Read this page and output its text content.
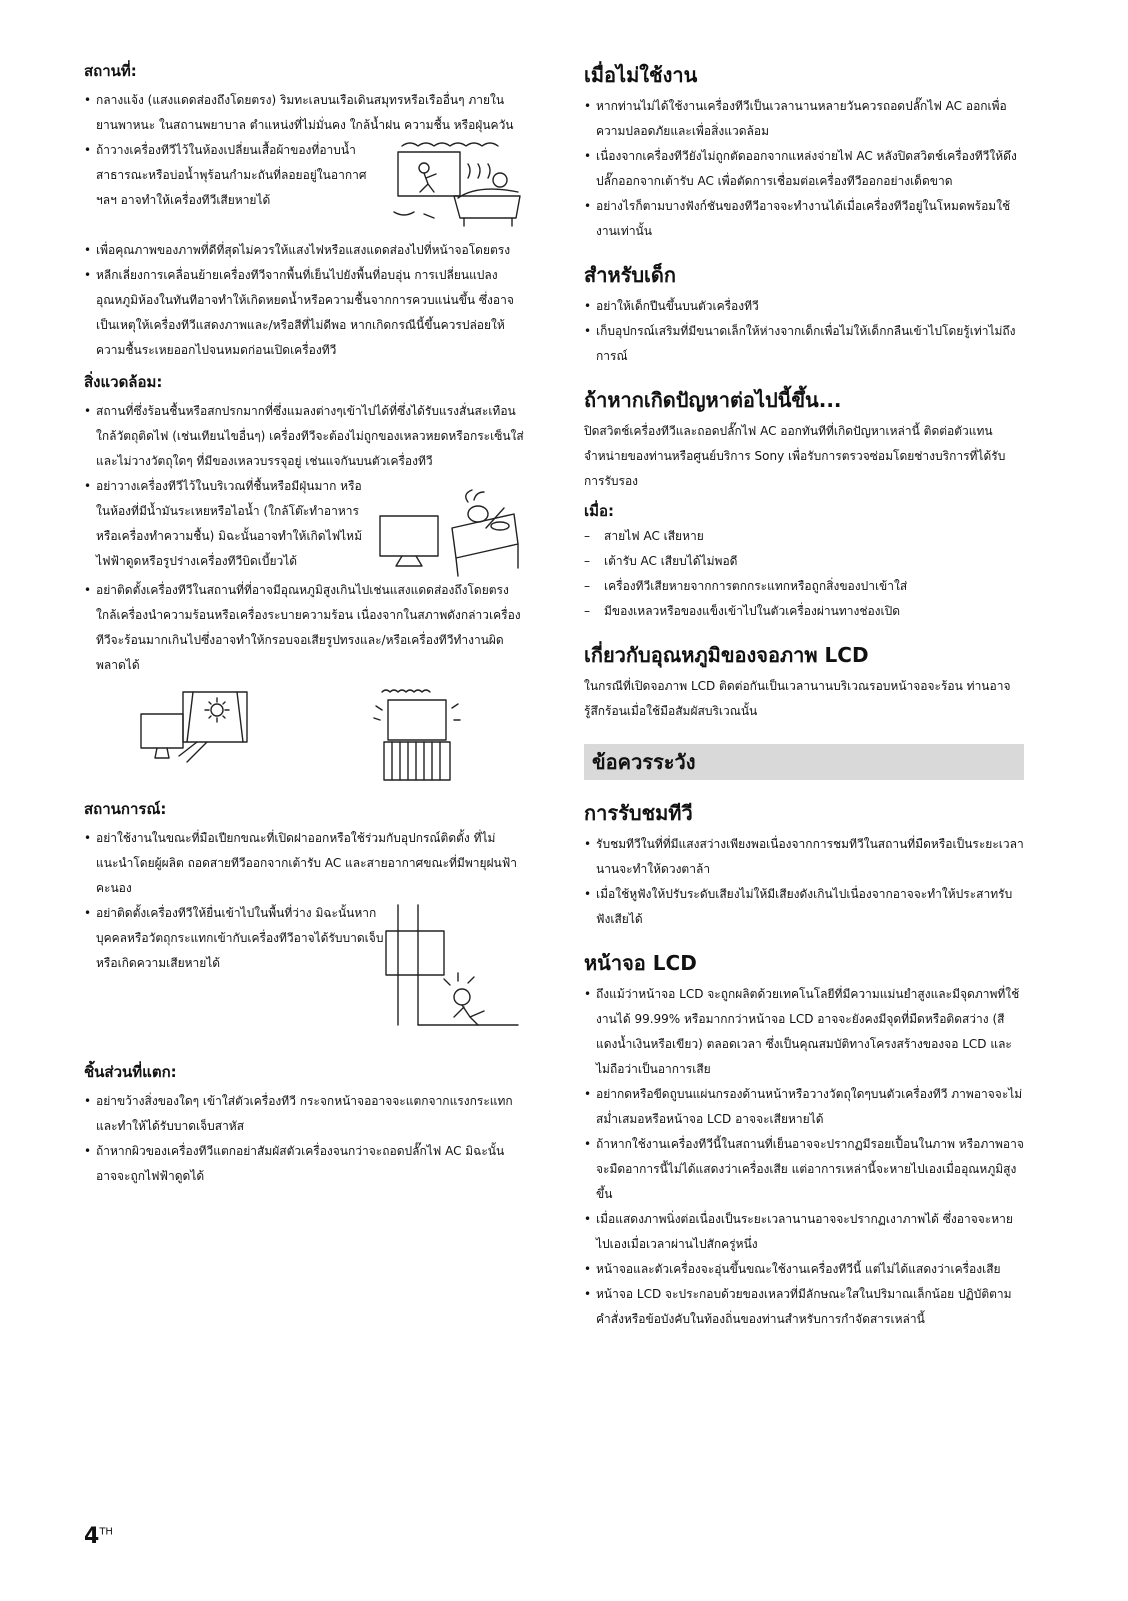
สถานที่:
• กลางแจ้ง (แสงแดดส่องถึงโดยตรง) ริมทะเลบนเรือเดินสมุทรหรือเรืออื่นๆ ภายในยานพาหนะ ในสถานพยาบาล ตำแหน่งที่ไม่มั่นคง ใกล้น้ำฝน ความชื้น หรือฝุ่นควัน
• ถ้าวางเครื่องทีวีไว้ในห้องเปลี่ยนเสื้อผ้าของที่อาบน้ำสาธารณะหรือบ่อน้ำพุร้อนกำมะถันที่ลอยอยู่ในอากาศ ฯลฯ อาจทำให้เครื่องทีวีเสียหายได้
• เพื่อคุณภาพของภาพที่ดีที่สุดไม่ควรให้แสงไฟหรือแสงแดดส่องไปที่หน้าจอโดยตรง
• หลีกเลี่ยงการเคลื่อนย้ายเครื่องทีวีจากพื้นที่เย็นไปยังพื้นที่อบอุ่น การเปลี่ยนแปลงอุณหภูมิห้องในทันทีอาจทำให้เกิดหยดน้ำหรือความชื้นจากการควบแน่นขึ้น ซึ่งอาจเป็นเหตุให้เครื่องทีวีแสดงภาพและ/หรือสีที่ไม่ดีพอ หากเกิดกรณีนี้ขึ้นควรปล่อยให้ความชื้นระเหยออกไปจนหมดก่อนเปิดเครื่องทีวี
สิ่งแวดล้อม:
• สถานที่ซึ่งร้อนชื้นหรือสกปรกมากที่ซึ่งแมลงต่างๆเข้าไปได้ที่ซึ่งได้รับแรงสั่นสะเทือนใกล้วัตถุติดไฟ (เช่นเทียนไขอื่นๆ) เครื่องทีวีจะต้องไม่ถูกของเหลวหยดหรือกระเซ็นใส่ และไม่วางวัตถุใดๆ ที่มีของเหลวบรรจุอยู่ เช่นแจกันบนตัวเครื่องทีวี
• อย่าวางเครื่องทีวีไว้ในบริเวณที่ชื้นหรือมีฝุ่นมาก หรือในห้องที่มีน้ำมันระเหยหรือไอน้ำ (ใกล้โต๊ะทำอาหารหรือเครื่องทำความชื้น) มิฉะนั้นอาจทำให้เกิดไฟไหม้ไฟฟ้าดูดหรือรูปร่างเครื่องทีวีบิดเบี้ยวได้
• อย่าติดตั้งเครื่องทีวีในสถานที่ที่อาจมีอุณหภูมิสูงเกินไปเช่นแสงแดดส่องถึงโดยตรง ใกล้เครื่องนำความร้อนหรือเครื่องระบายความร้อน เนื่องจากในสภาพดังกล่าวเครื่องทีวีจะร้อนมากเกินไปซึ่งอาจทำให้กรอบจอเสียรูปทรงและ/หรือเครื่องทีวีทำงานผิดพลาดได้
สถานการณ์:
• อย่าใช้งานในขณะที่มือเปียกขณะที่เปิดฝาออกหรือใช้ร่วมกับอุปกรณ์ติดตั้ง ที่ไม่แนะนำโดยผู้ผลิต ถอดสายทีวีออกจากเต้ารับ AC และสายอากาศขณะที่มีพายุฝนฟ้าคะนอง
• อย่าติดตั้งเครื่องทีวีให้ยื่นเข้าไปในพื้นที่ว่าง มิฉะนั้นหากบุคคลหรือวัตถุกระแทกเข้ากับเครื่องทีวีอาจได้รับบาดเจ็บหรือเกิดความเสียหายได้
ชิ้นส่วนที่แตก:
• อย่าขว้างสิ่งของใดๆ เข้าใส่ตัวเครื่องทีวี กระจกหน้าจออาจจะแตกจากแรงกระแทก และทำให้ได้รับบาดเจ็บสาหัส
• ถ้าหากผิวของเครื่องทีวีแตกอย่าสัมผัสตัวเครื่องจนกว่าจะถอดปลั๊กไฟ AC มิฉะนั้นอาจจะถูกไฟฟ้าดูดได้
เมื่อไม่ใช้งาน
• หากท่านไม่ได้ใช้งานเครื่องทีวีเป็นเวลานานหลายวันควรถอดปลั๊กไฟ AC ออกเพื่อความปลอดภัยและเพื่อสิ่งแวดล้อม
• เนื่องจากเครื่องทีวียังไม่ถูกตัดออกจากแหล่งจ่ายไฟ AC หลังปิดสวิตช์เครื่องทีวีให้ดึงปลั๊กออกจากเต้ารับ AC เพื่อตัดการเชื่อมต่อเครื่องทีวีออกอย่างเด็ดขาด
• อย่างไรก็ตามบางฟังก์ชันของทีวีอาจจะทำงานได้เมื่อเครื่องทีวีอยู่ในโหมดพร้อมใช้งานเท่านั้น
สำหรับเด็ก
• อย่าให้เด็กปีนขึ้นบนตัวเครื่องทีวี
• เก็บอุปกรณ์เสริมที่มีขนาดเล็กให้ห่างจากเด็กเพื่อไม่ให้เด็กกลืนเข้าไปโดยรู้เท่าไม่ถึงการณ์
ถ้าหากเกิดปัญหาต่อไปนี้ขึ้น...

ปิดสวิตช์เครื่องทีวีและถอดปลั๊กไฟ AC ออกทันทีที่เกิดปัญหาเหล่านี้ ติดต่อตัวแทนจำหน่ายของท่านหรือศูนย์บริการ Sony เพื่อรับการตรวจซ่อมโดยช่างบริการที่ได้รับการรับรอง

เมื่อ:
– สายไฟ AC เสียหาย
– เต้ารับ AC เสียบได้ไม่พอดี
– เครื่องทีวีเสียหายจากการตกกระแทกหรือถูกสิ่งของปาเข้าใส่
– มีของเหลวหรือของแข็งเข้าไปในตัวเครื่องผ่านทางช่องเปิด
เกี่ยวกับอุณหภูมิของจอภาพ LCD

ในกรณีที่เปิดจอภาพ LCD ติดต่อกันเป็นเวลานานบริเวณรอบหน้าจอจะร้อน ท่านอาจรู้สึกร้อนเมื่อใช้มือสัมผัสบริเวณนั้น

ข้อควรระวัง
การรับชมทีวี
• รับชมทีวีในที่ที่มีแสงสว่างเพียงพอเนื่องจากการชมทีวีในสถานที่มืดหรือเป็นระยะเวลานานจะทำให้ดวงตาล้า
• เมื่อใช้หูฟังให้ปรับระดับเสียงไม่ให้มีเสียงดังเกินไปเนื่องจากอาจจะทำให้ประสาทรับฟังเสียได้
หน้าจอ LCD
• ถึงแม้ว่าหน้าจอ LCD จะถูกผลิตด้วยเทคโนโลยีที่มีความแม่นยำสูงและมีจุดภาพที่ใช้งานได้ 99.99% หรือมากกว่าหน้าจอ LCD อาจจะยังคงมีจุดที่มืดหรือติดสว่าง (สีแดงน้ำเงินหรือเขียว) ตลอดเวลา ซึ่งเป็นคุณสมบัติทางโครงสร้างของจอ LCD และไม่ถือว่าเป็นอาการเสีย
• อย่ากดหรือขีดถูบนแผ่นกรองด้านหน้าหรือวางวัตถุใดๆบนตัวเครื่องทีวี ภาพอาจจะไม่สม่ำเสมอหรือหน้าจอ LCD อาจจะเสียหายได้
• ถ้าหากใช้งานเครื่องทีวีนี้ในสถานที่เย็นอาจจะปรากฏมีรอยเปื้อนในภาพ หรือภาพอาจจะมืดอาการนี้ไม่ได้แสดงว่าเครื่องเสีย แต่อาการเหล่านี้จะหายไปเองเมื่ออุณหภูมิสูงขึ้น
• เมื่อแสดงภาพนิ่งต่อเนื่องเป็นระยะเวลานานอาจจะปรากฏเงาภาพได้ ซึ่งอาจจะหายไปเองเมื่อเวลาผ่านไปสักครู่หนึ่ง
• หน้าจอและตัวเครื่องจะอุ่นขึ้นขณะใช้งานเครื่องทีวีนี้ แต่ไม่ได้แสดงว่าเครื่องเสีย
• หน้าจอ LCD จะประกอบด้วยของเหลวที่มีลักษณะใสในปริมาณเล็กน้อย ปฏิบัติตามคำสั่งหรือข้อบังคับในท้องถิ่นของท่านสำหรับการกำจัดสารเหล่านี้
4TH
